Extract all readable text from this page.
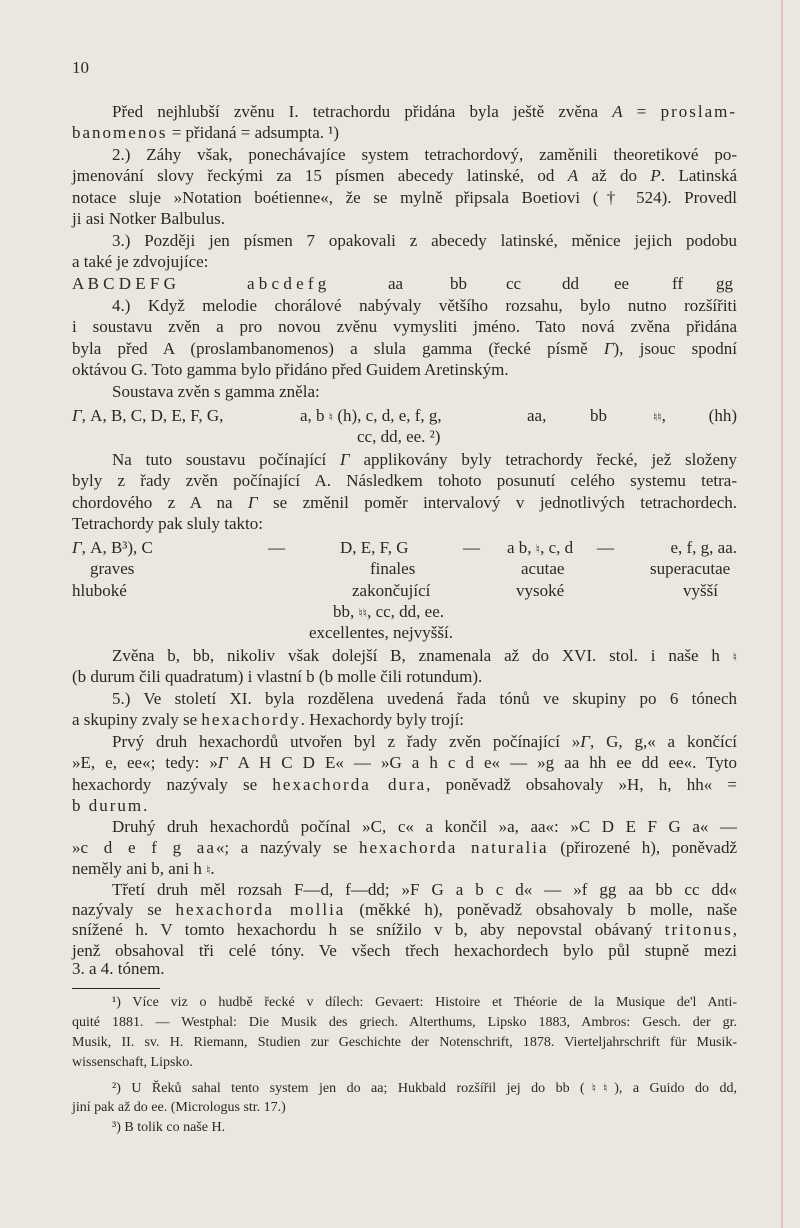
10
Před nejhlubší zvěnu I. tetrachordu přidána byla ještě zvěna A = proslam-
banomenos = přidaná = adsumpta. ¹)
2.) Záhy však, ponechávajíce system tetrachordový, zaměnili theoretikové po-
jmenování slovy řeckými za 15 písmen abecedy latinské, od A až do P. Latinská
notace sluje »Notation boétienne«, že se mylně připsala Boetiovi († 524). Provedl
ji asi Notker Balbulus.
3.) Později jen písmen 7 opakovali z abecedy latinské, měnice jejich podobu
a také je zdvojujíce:
A B C D E F G	a b c d e f g	aa	bb cc dd ee	ff gg
4.) Když melodie chorálové nabývaly většího rozsahu, bylo nutno rozšířiti
i soustavu zvěn a pro novou zvěnu vymysliti jméno. Tato nová zvěna přidána
byla před A (proslambanomenos) a slula gamma (řecké písmě Γ), jsouc spodní
oktávou G. Toto gamma bylo přidáno před Guidem Aretinským.
Soustava zvěn s gamma zněla:
Γ, A, B, C, D, E, F, G,	a, b ♮ (h), c, d, e, f, g,	aa,	bb	♮♮,	(hh)
cc, dd, ee. ²)
Na tuto soustavu počínající Γ applikovány byly tetrachordy řecké, jež složeny
byly z řady zvěn počínající A. Následkem tohoto posunutí celého systemu tetra-
chordového z A na Γ se změnil poměr intervalový v jednotlivých tetrachordech.
Tetrachordy pak sluly takto:
Γ, A, B³), C	—	D, E, F, G	— a b, ♮, c, d —	e, f, g, aa.
graves	finales	acutae	superacutae
hluboké	zakončující	vysoké	vyšší
bb, ♮♮, cc, dd, ee.
excellentes, nejvyšší.
Zvěna b, bb, nikoliv však dolejší B, znamenala až do XVI. stol. i naše h ♮
(b durum čili quadratum) i vlastní b (b molle čili rotundum).
5.) Ve století XI. byla rozdělena uvedená řada tónů ve skupiny po 6 tónech
a skupiny zvaly se hexachordy. Hexachordy byly trojí:
Prvý druh hexachordů utvořen byl z řady zvěn počínající »Γ, G, g,« a končící
»E, e, ee«; tedy: »Γ A H C D E« — »G a h c d e« — »g aa hh ee dd ee«. Tyto
hexachordy nazývaly se hexachorda dura, poněvadž obsahovaly »H, h, hh« =
b durum.
Druhý druh hexachordů počínal »C, c« a končil »a, aa«: »C D E F G a« —
»c d e f g aa«; a nazývaly se hexachorda naturalia (přirozené h), poněvadž
neměly ani b, ani h ♮.
Třetí druh měl rozsah F—d, f—dd; »F G a b c d« — »f gg aa bb cc dd«
nazývaly se hexachorda mollia (měkké h), poněvadž obsahovaly b molle, naše
snížené h. V tomto hexachordu h se snížilo v b, aby nepovstal obávaný tritonus,
jenž obsahoval tři celé tóny. Ve všech třech hexachordech bylo půl stupně mezi
3. a 4. tónem.
¹) Více viz o hudbě řecké v dílech: Gevaert: Histoire et Théorie de la Musique de'l Anti-
quité 1881. — Westphal: Die Musik des griech. Alterthums, Lipsko 1883, Ambros: Gesch. der gr.
Musik, II. sv. H. Riemann, Studien zur Geschichte der Notenschrift, 1878. Vierteljahrschrift für Musik-
wissenschaft, Lipsko.
²) U Řeků sahal tento system jen do aa; Hukbald rozšířil jej do bb (♮♮), a Guido do dd,
jiní pak až do ee. (Micrologus str. 17.)
³) B tolik co naše H.
